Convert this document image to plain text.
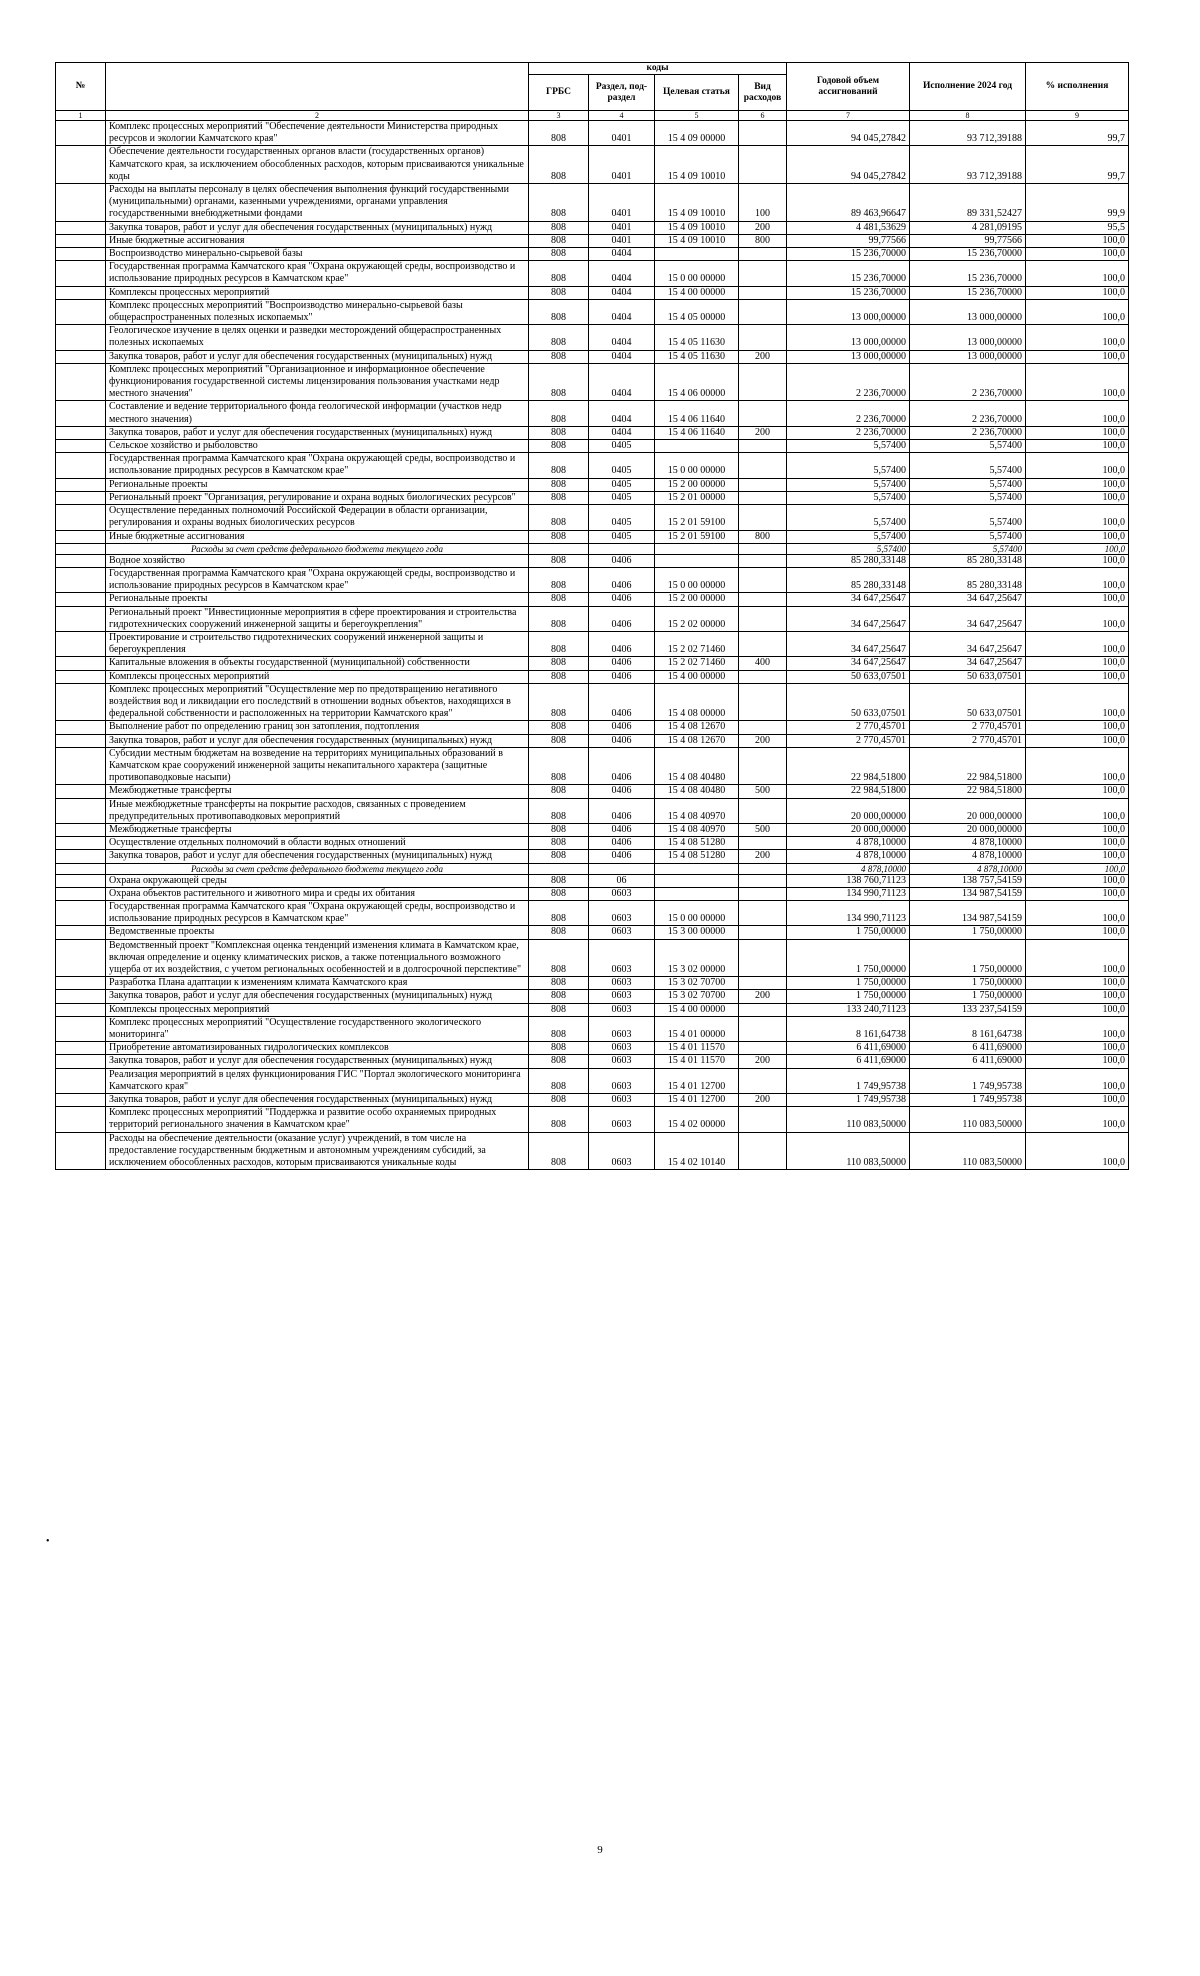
№		коды				Годовой объем ассигнований	Исполнение 2024 год	% исполнения
		ГРБС	Раздел, под-раздел	Целевая статья	Вид расходов			
1	2	3	4	5	6	7	8	9
	Комплекс процессных мероприятий "Обеспечение деятельности Министерства природных ресурсов и экологии Камчатского края"	808	0401	15 4 09 00000		94 045,27842	93 712,39188	99,7
	Обеспечение деятельности государственных органов власти (государственных органов) Камчатского края, за исключением обособленных расходов, которым присваиваются уникальные коды	808	0401	15 4 09 10010		94 045,27842	93 712,39188	99,7
	Расходы на выплаты персоналу в целях обеспечения выполнения функций государственными (муниципальными) органами, казенными учреждениями, органами управления государственными внебюджетными фондами	808	0401	15 4 09 10010	100	89 463,96647	89 331,52427	99,9
	Закупка товаров, работ и услуг для обеспечения государственных (муниципальных) нужд	808	0401	15 4 09 10010	200	4 481,53629	4 281,09195	95,5
	Иные бюджетные ассигнования	808	0401	15 4 09 10010	800	99,77566	99,77566	100,0
	Воспроизводство минерально-сырьевой базы	808	0404			15 236,70000	15 236,70000	100,0
	Государственная программа Камчатского края "Охрана окружающей среды, воспроизводство и использование природных ресурсов в Камчатском крае"	808	0404	15 0 00 00000		15 236,70000	15 236,70000	100,0
	Комплексы процессных мероприятий	808	0404	15 4 00 00000		15 236,70000	15 236,70000	100,0
	Комплекс процессных мероприятий "Воспроизводство минерально-сырьевой базы общераспространенных полезных ископаемых"	808	0404	15 4 05 00000		13 000,00000	13 000,00000	100,0
	Геологическое изучение в целях оценки и разведки месторождений общераспространенных полезных ископаемых	808	0404	15 4 05 11630		13 000,00000	13 000,00000	100,0
	Закупка товаров, работ и услуг для обеспечения государственных (муниципальных) нужд	808	0404	15 4 05 11630	200	13 000,00000	13 000,00000	100,0
	Комплекс процессных мероприятий "Организационное и информационное обеспечение функционирования государственной системы лицензирования пользования участками недр местного значения"	808	0404	15 4 06 00000		2 236,70000	2 236,70000	100,0
	Составление и ведение территориального фонда геологической информации (участков недр местного значения)	808	0404	15 4 06 11640		2 236,70000	2 236,70000	100,0
	Закупка товаров, работ и услуг для обеспечения государственных (муниципальных) нужд	808	0404	15 4 06 11640	200	2 236,70000	2 236,70000	100,0
	Сельское хозяйство и рыболовство	808	0405			5,57400	5,57400	100,0
	Государственная программа Камчатского края "Охрана окружающей среды, воспроизводство и использование природных ресурсов в Камчатском крае"	808	0405	15 0 00 00000		5,57400	5,57400	100,0
	Региональные проекты	808	0405	15 2 00 00000		5,57400	5,57400	100,0
	Региональный проект "Организация, регулирование и охрана водных биологических ресурсов"	808	0405	15 2 01 00000		5,57400	5,57400	100,0
	Осуществление переданных полномочий Российской Федерации в области организации, регулирования и охраны водных биологических ресурсов	808	0405	15 2 01 59100		5,57400	5,57400	100,0
	Иные бюджетные ассигнования	808	0405	15 2 01 59100	800	5,57400	5,57400	100,0
	Расходы за счет средств федерального бюджета текущего года					5,57400	5,57400	100,0
	Водное хозяйство	808	0406			85 280,33148	85 280,33148	100,0
	Государственная программа Камчатского края "Охрана окружающей среды, воспроизводство и использование природных ресурсов в Камчатском крае"	808	0406	15 0 00 00000		85 280,33148	85 280,33148	100,0
	Региональные проекты	808	0406	15 2 00 00000		34 647,25647	34 647,25647	100,0
	Региональный проект "Инвестиционные мероприятия в сфере проектирования и строительства гидротехнических сооружений инженерной защиты и берегоукрепления"	808	0406	15 2 02 00000		34 647,25647	34 647,25647	100,0
	Проектирование и строительство гидротехнических сооружений инженерной защиты и берегоукрепления	808	0406	15 2 02 71460		34 647,25647	34 647,25647	100,0
	Капитальные вложения в объекты государственной (муниципальной) собственности	808	0406	15 2 02 71460	400	34 647,25647	34 647,25647	100,0
	Комплексы процессных мероприятий	808	0406	15 4 00 00000		50 633,07501	50 633,07501	100,0
	Комплекс процессных мероприятий "Осуществление мер по предотвращению негативного воздействия вод и ликвидации его последствий в отношении водных объектов, находящихся в федеральной собственности и расположенных на территории Камчатского края"	808	0406	15 4 08 00000		50 633,07501	50 633,07501	100,0
	Выполнение работ по определению границ зон затопления, подтопления	808	0406	15 4 08 12670		2 770,45701	2 770,45701	100,0
	Закупка товаров, работ и услуг для обеспечения государственных (муниципальных) нужд	808	0406	15 4 08 12670	200	2 770,45701	2 770,45701	100,0
	Субсидии местным бюджетам на возведение на территориях муниципальных образований в Камчатском крае сооружений инженерной защиты некапитального характера (защитные противопаводковые насыпи)	808	0406	15 4 08 40480		22 984,51800	22 984,51800	100,0
	Межбюджетные трансферты	808	0406	15 4 08 40480	500	22 984,51800	22 984,51800	100,0
	Иные межбюджетные трансферты на покрытие расходов, связанных с проведением предупредительных противопаводковых мероприятий	808	0406	15 4 08 40970		20 000,00000	20 000,00000	100,0
	Межбюджетные трансферты	808	0406	15 4 08 40970	500	20 000,00000	20 000,00000	100,0
	Осуществление отдельных полномочий в области водных отношений	808	0406	15 4 08 51280		4 878,10000	4 878,10000	100,0
	Закупка товаров, работ и услуг для обеспечения государственных (муниципальных) нужд	808	0406	15 4 08 51280	200	4 878,10000	4 878,10000	100,0
	Расходы за счет средств федерального бюджета текущего года					4 878,10000	4 878,10000	100,0
	Охрана окружающей среды	808	06			138 760,71123	138 757,54159	100,0
	Охрана объектов растительного и животного мира и среды их обитания	808	0603			134 990,71123	134 987,54159	100,0
	Государственная программа Камчатского края "Охрана окружающей среды, воспроизводство и использование природных ресурсов в Камчатском крае"	808	0603	15 0 00 00000		134 990,71123	134 987,54159	100,0
	Ведомственные проекты	808	0603	15 3 00 00000		1 750,00000	1 750,00000	100,0
	Ведомственный проект "Комплексная оценка тенденций изменения климата в Камчатском крае, включая определение и оценку климатических рисков, а также потенциального возможного ущерба от их воздействия, с учетом региональных особенностей и в долгосрочной перспективе"	808	0603	15 3 02 00000		1 750,00000	1 750,00000	100,0
	Разработка Плана адаптации к изменениям климата Камчатского края	808	0603	15 3 02 70700		1 750,00000	1 750,00000	100,0
	Закупка товаров, работ и услуг для обеспечения государственных (муниципальных) нужд	808	0603	15 3 02 70700	200	1 750,00000	1 750,00000	100,0
	Комплексы процессных мероприятий	808	0603	15 4 00 00000		133 240,71123	133 237,54159	100,0
	Комплекс процессных мероприятий "Осуществление государственного экологического мониторинга"	808	0603	15 4 01 00000		8 161,64738	8 161,64738	100,0
	Приобретение автоматизированных гидрологических комплексов	808	0603	15 4 01 11570		6 411,69000	6 411,69000	100,0
	Закупка товаров, работ и услуг для обеспечения государственных (муниципальных) нужд	808	0603	15 4 01 11570	200	6 411,69000	6 411,69000	100,0
	Реализация мероприятий в целях функционирования ГИС "Портал экологического мониторинга Камчатского края"	808	0603	15 4 01 12700		1 749,95738	1 749,95738	100,0
	Закупка товаров, работ и услуг для обеспечения государственных (муниципальных) нужд	808	0603	15 4 01 12700	200	1 749,95738	1 749,95738	100,0
	Комплекс процессных мероприятий "Поддержка и развитие особо охраняемых природных территорий регионального значения в Камчатском крае"	808	0603	15 4 02 00000		110 083,50000	110 083,50000	100,0
	Расходы на обеспечение деятельности (оказание услуг) учреждений, в том числе на предоставление государственным бюджетным и автономным учреждениям субсидий, за исключением обособленных расходов, которым присваиваются уникальные коды	808	0603	15 4 02 10140		110 083,50000	110 083,50000	100,0
•
9
